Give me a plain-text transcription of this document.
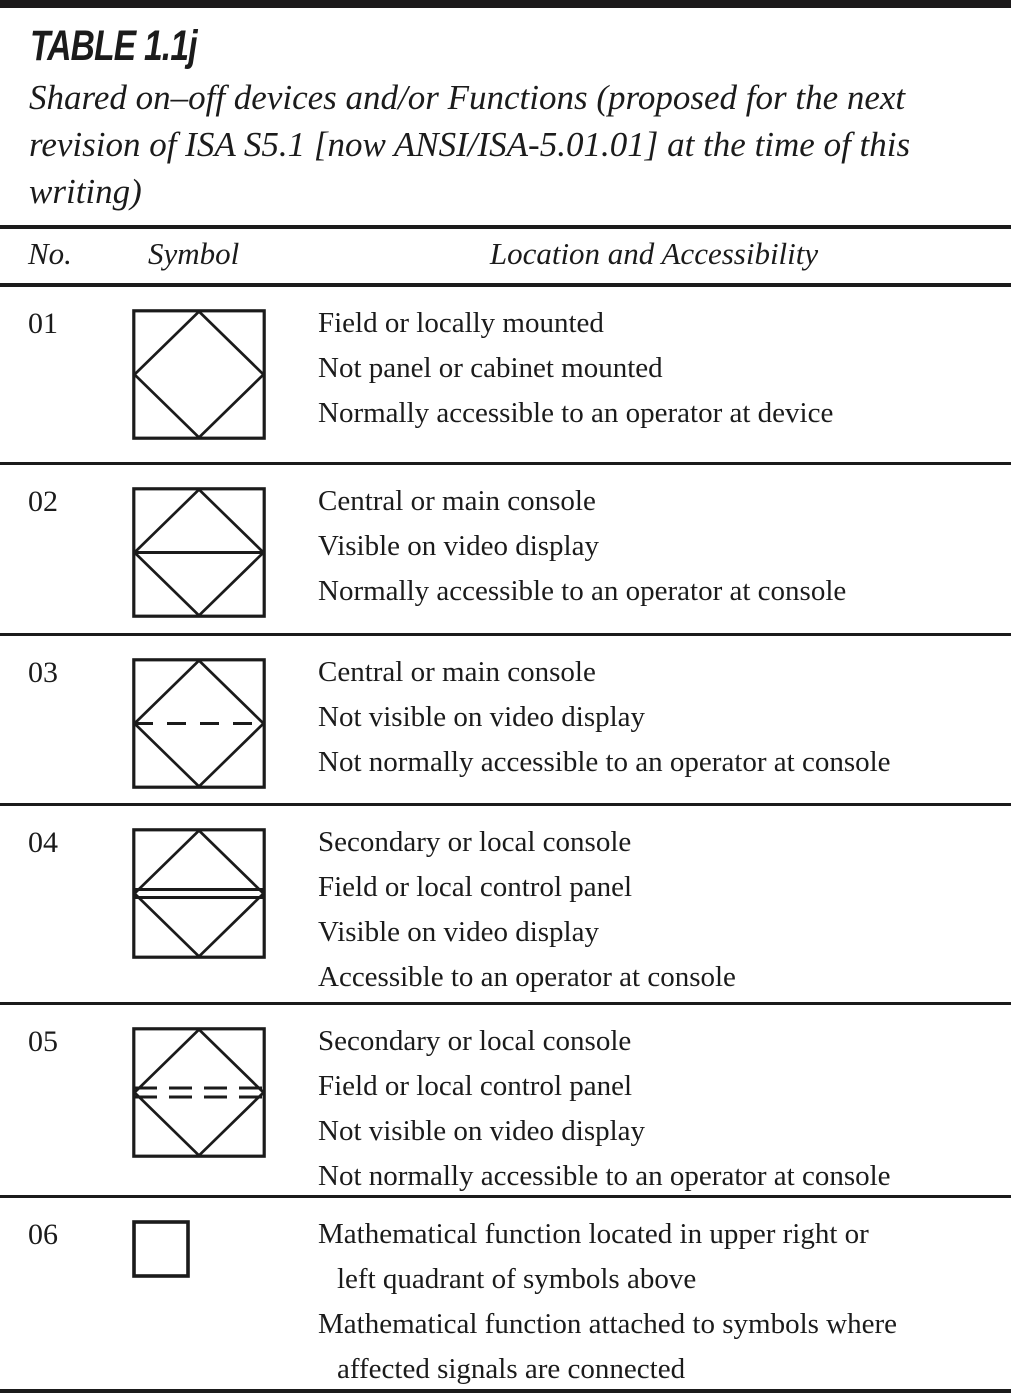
TABLE 1.1j
Shared on–off devices and/or Functions (proposed for the next revision of ISA S5.1 [now ANSI/ISA-5.01.01] at the time of this writing)
No. Symbol	Location and Accessibility
01	Field or locally mounted
Not panel or cabinet mounted
Normally accessible to an operator at device
02	Central or main console
Visible on video display
Normally accessible to an operator at console
03	Central or main console
Not visible on video display
Not normally accessible to an operator at console
04	Secondary or local console
Field or local control panel
Visible on video display
Accessible to an operator at console
05	Secondary or local console
Field or local control panel
Not visible on video display
Not normally accessible to an operator at console
06	Mathematical function located in upper right or
left quadrant of symbols above
Mathematical function attached to symbols where
affected signals are connected
